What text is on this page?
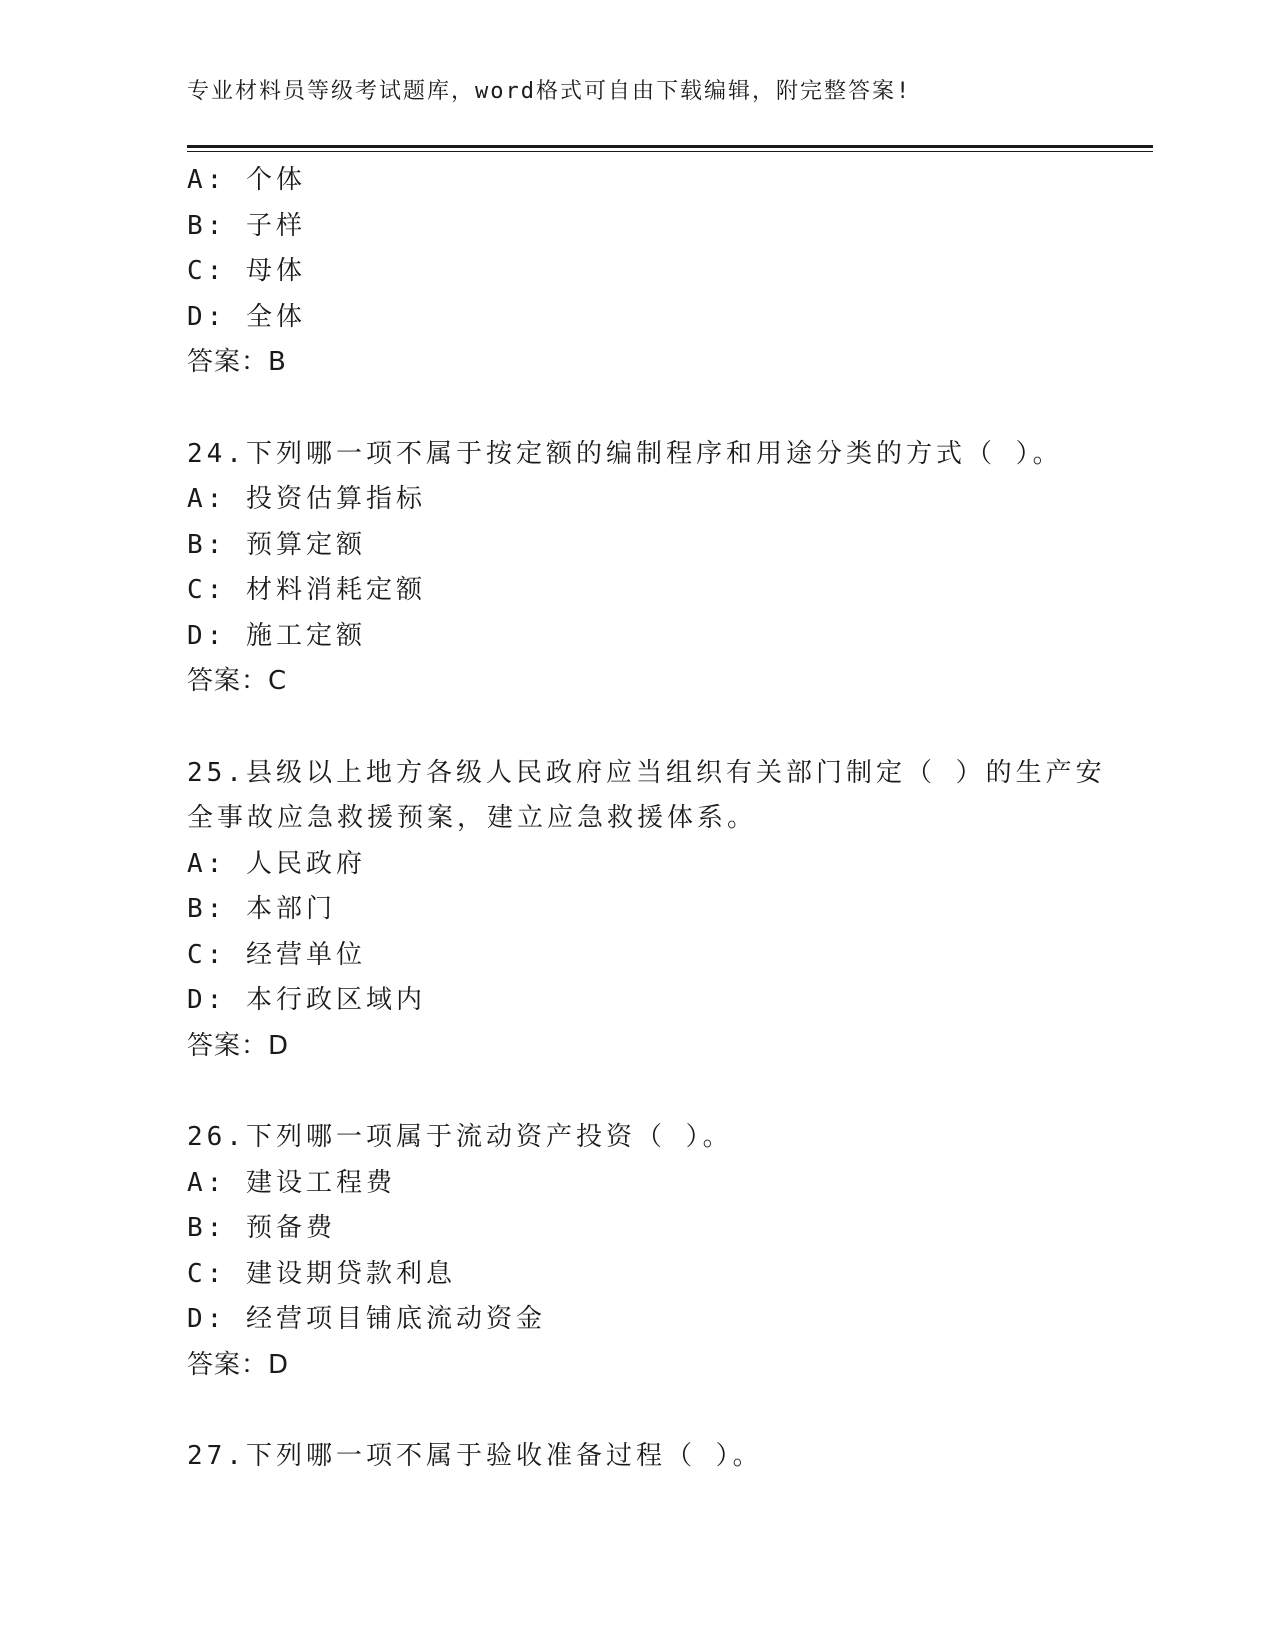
专业材料员等级考试题库，word格式可自由下载编辑，附完整答案!
A: 个体
B: 子样
C: 母体
D: 全体
答案：B
24.下列哪一项不属于按定额的编制程序和用途分类的方式（ ）。
A: 投资估算指标
B: 预算定额
C: 材料消耗定额
D: 施工定额
答案：C
25.县级以上地方各级人民政府应当组织有关部门制定（ ）的生产安
全事故应急救援预案，建立应急救援体系。
A: 人民政府
B: 本部门
C: 经营单位
D: 本行政区域内
答案：D
26.下列哪一项属于流动资产投资（ ）。
A: 建设工程费
B: 预备费
C: 建设期贷款利息
D: 经营项目铺底流动资金
答案：D
27.下列哪一项不属于验收准备过程（ ）。
